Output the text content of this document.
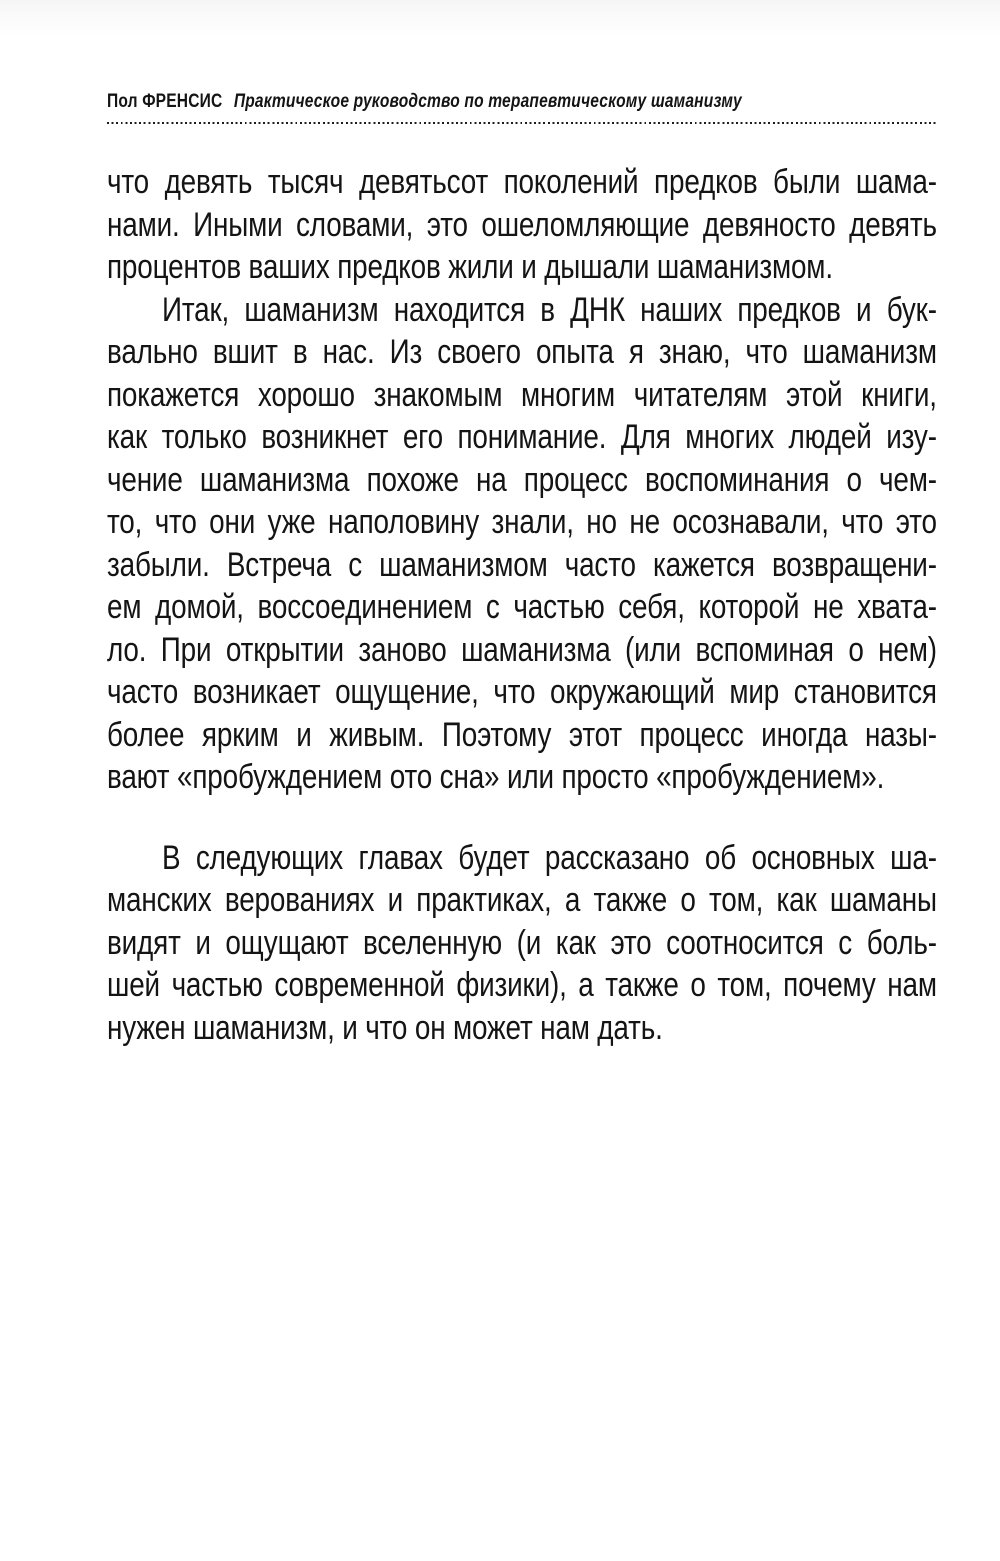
Пол ФРЕНСИС Практическое руководство по терапевтическому шаманизму
что девять тысяч девятьсот поколений предков были шама-
нами. Иными словами, это ошеломляющие девяносто девять
процентов ваших предков жили и дышали шаманизмом.
Итак, шаманизм находится в ДНК наших предков и бук-
вально вшит в нас. Из своего опыта я знаю, что шаманизм
покажется хорошо знакомым многим читателям этой книги,
как только возникнет его понимание. Для многих людей изу-
чение шаманизма похоже на процесс воспоминания о чем-
то, что они уже наполовину знали, но не осознавали, что это
забыли. Встреча с шаманизмом часто кажется возвращени-
ем домой, воссоединением с частью себя, которой не хвата-
ло. При открытии заново шаманизма (или вспоминая о нем)
часто возникает ощущение, что окружающий мир становится
более ярким и живым. Поэтому этот процесс иногда назы-
вают «пробуждением ото сна» или просто «пробуждением».
В следующих главах будет рассказано об основных ша-
манских верованиях и практиках, а также о том, как шаманы
видят и ощущают вселенную (и как это соотносится с боль-
шей частью современной физики), а также о том, почему нам
нужен шаманизм, и что он может нам дать.
